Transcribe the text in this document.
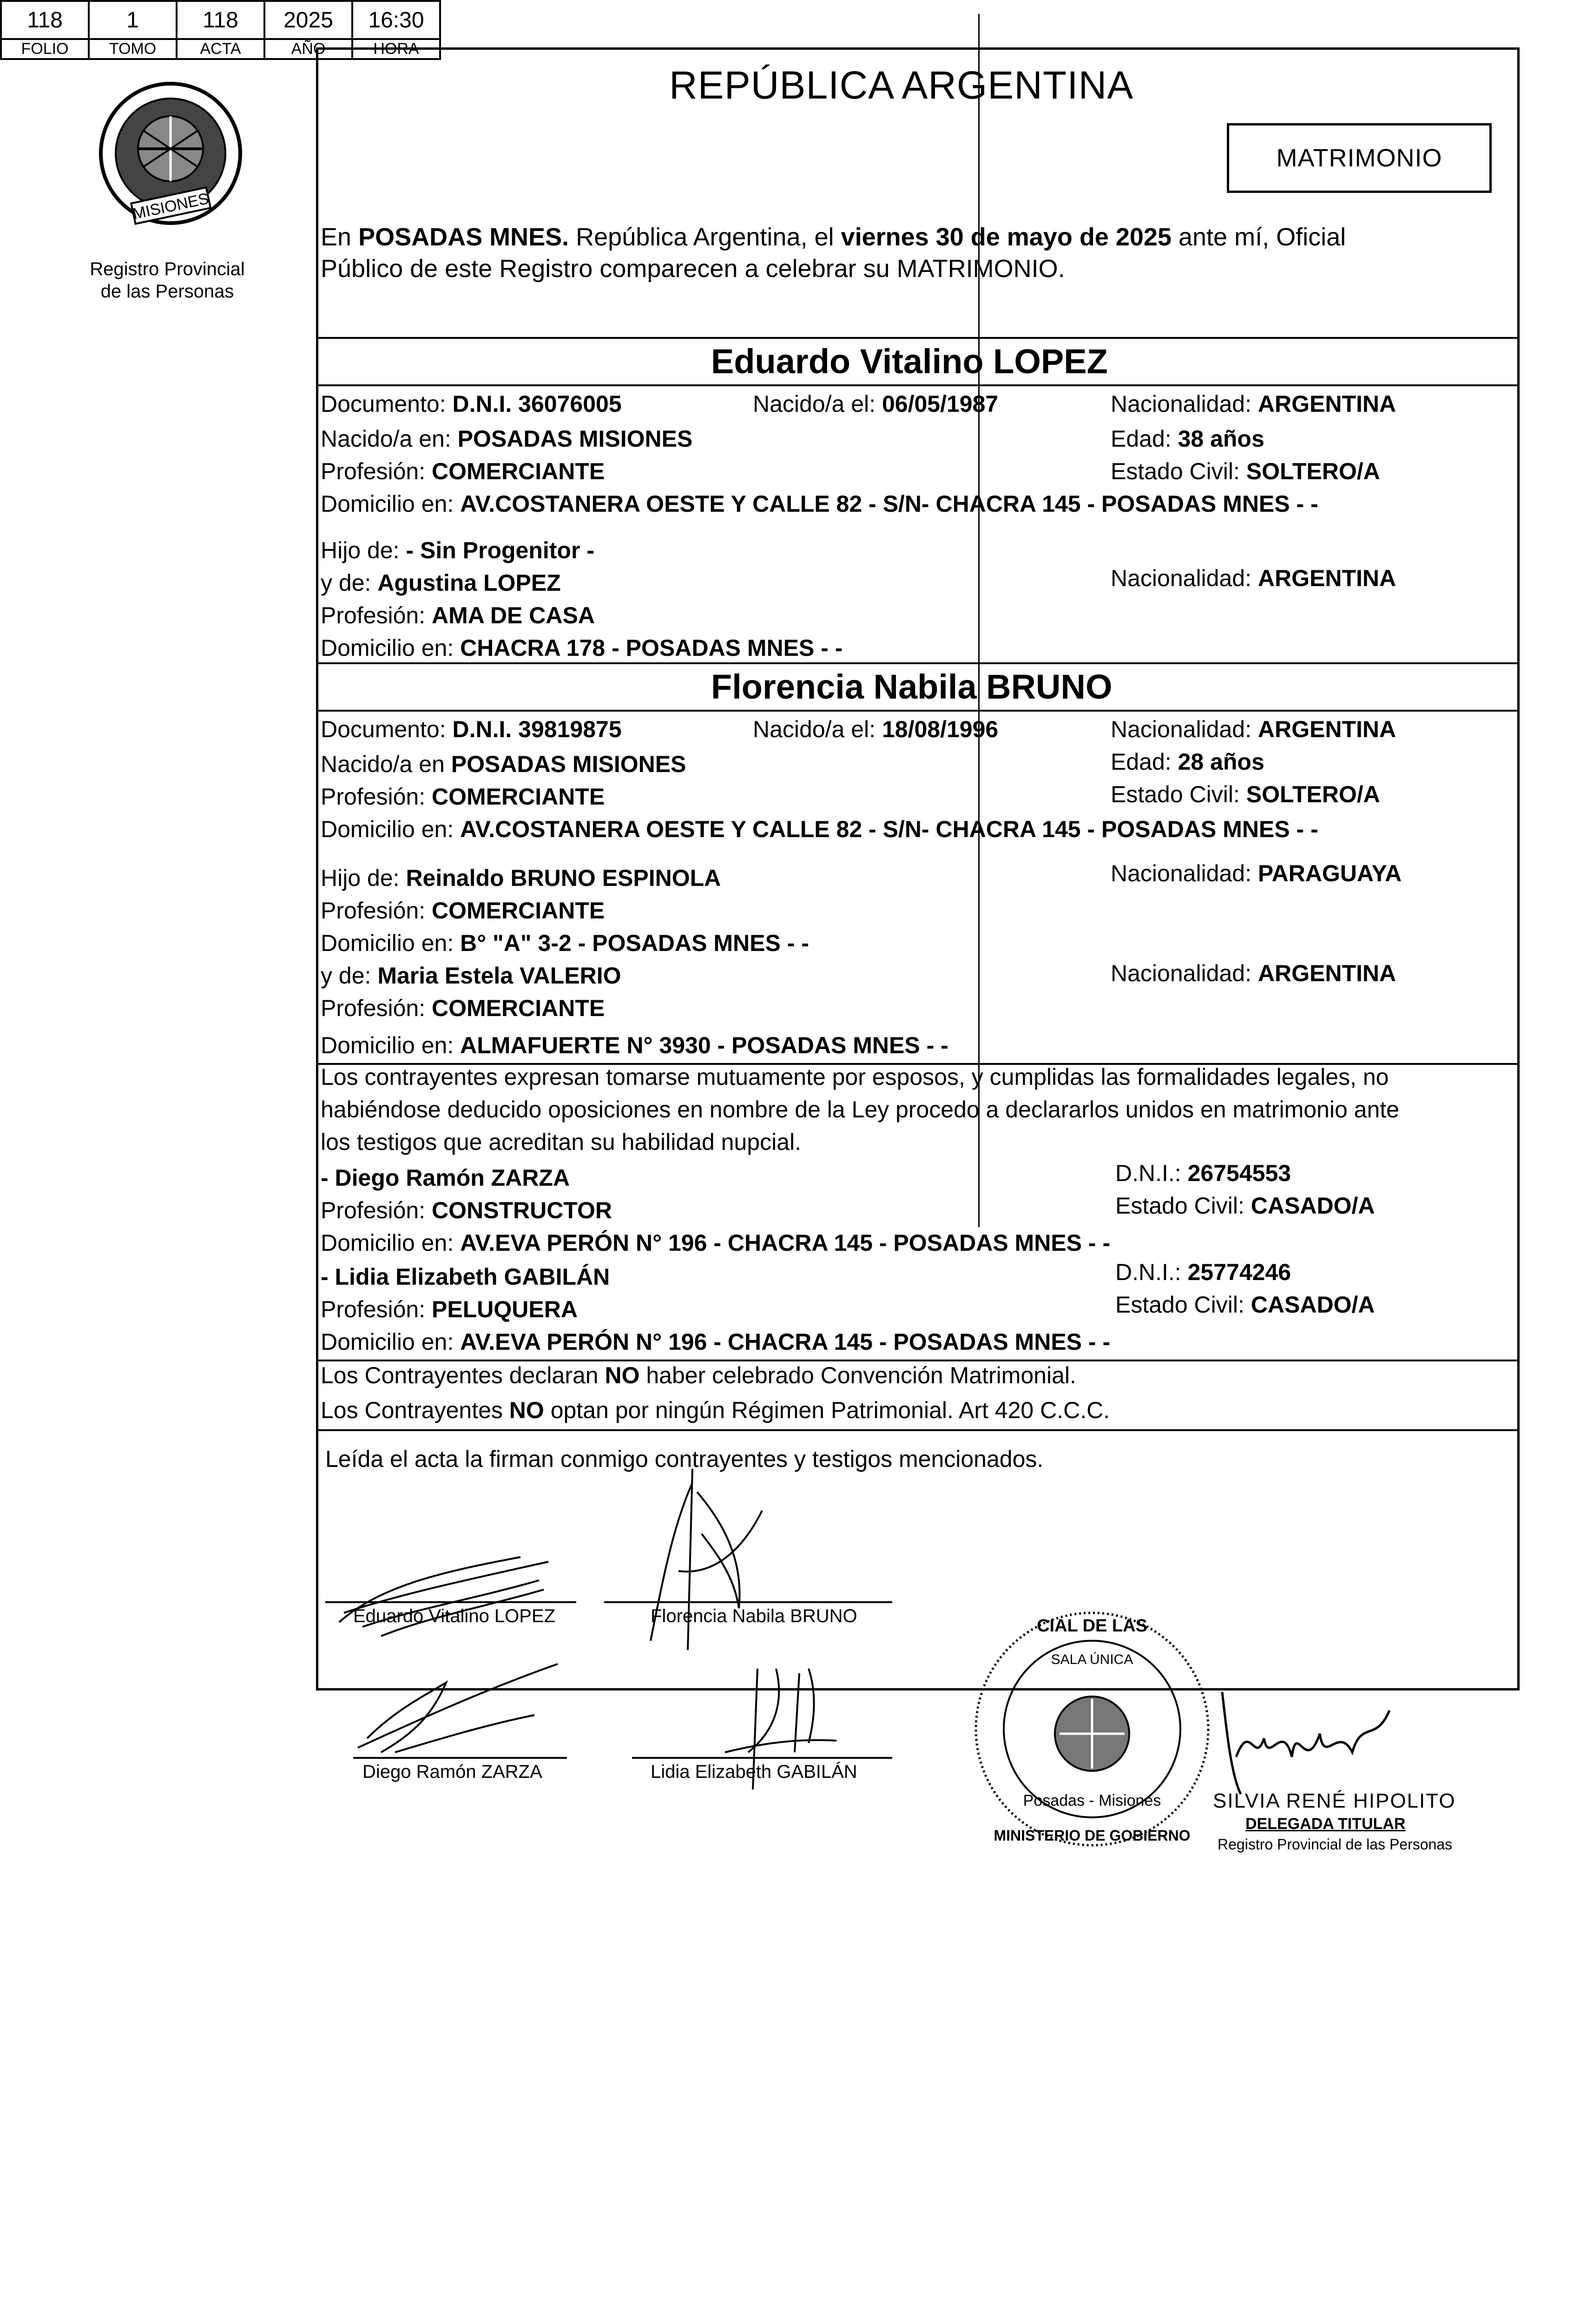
MISIONES
Registro Provincial
de las Personas
REPÚBLICA ARGENTINA
118	1	118	2025	16:30
FOLIO	TOMO	ACTA	AÑO	HORA
MATRIMONIO
En POSADAS MNES. República Argentina, el viernes 30 de mayo de 2025 ante mí, Oficial
Público de este Registro comparecen a celebrar su MATRIMONIO.
Eduardo Vitalino LOPEZ
Documento: D.N.I. 36076005	Nacido/a el: 06/05/1987	Nacionalidad: ARGENTINA
Nacido/a en: POSADAS MISIONES	Edad: 38 años
Profesión: COMERCIANTE	Estado Civil: SOLTERO/A
Domicilio en: AV.COSTANERA OESTE Y CALLE 82 - S/N- CHACRA 145 - POSADAS MNES - -
Hijo de: - Sin Progenitor -
y de: Agustina LOPEZ	Nacionalidad: ARGENTINA
Profesión: AMA DE CASA
Domicilio en: CHACRA 178 - POSADAS MNES - -
Florencia Nabila BRUNO
Documento: D.N.I. 39819875	Nacido/a el: 18/08/1996	Nacionalidad: ARGENTINA
Nacido/a en POSADAS MISIONES	Edad: 28 años
Profesión: COMERCIANTE	Estado Civil: SOLTERO/A
Domicilio en: AV.COSTANERA OESTE Y CALLE 82 - S/N- CHACRA 145 - POSADAS MNES - -
Hijo de: Reinaldo BRUNO ESPINOLA	Nacionalidad: PARAGUAYA
Profesión: COMERCIANTE
Domicilio en: B° "A" 3-2 - POSADAS MNES - -
y de: Maria Estela VALERIO	Nacionalidad: ARGENTINA
Profesión: COMERCIANTE
Domicilio en: ALMAFUERTE N° 3930 - POSADAS MNES - -
Los contrayentes expresan tomarse mutuamente por esposos, y cumplidas las formalidades legales, no
habiéndose deducido oposiciones en nombre de la Ley procedo a declararlos unidos en matrimonio ante
los testigos que acreditan su habilidad nupcial.
- Diego Ramón ZARZA	D.N.I.: 26754553
Profesión: CONSTRUCTOR	Estado Civil: CASADO/A
Domicilio en: AV.EVA PERÓN N° 196 - CHACRA 145 - POSADAS MNES - -
- Lidia Elizabeth GABILÁN	D.N.I.: 25774246
Profesión: PELUQUERA	Estado Civil: CASADO/A
Domicilio en: AV.EVA PERÓN N° 196 - CHACRA 145 - POSADAS MNES - -
Los Contrayentes declaran NO haber celebrado Convención Matrimonial.
Los Contrayentes NO optan por ningún Régimen Patrimonial. Art 420 C.C.C.
Leída el acta la firman conmigo contrayentes y testigos mencionados.
Eduardo Vitalino LOPEZ	Florencia Nabila BRUNO
Diego Ramón ZARZA	Lidia Elizabeth GABILÁN
CIAL DE LAS
SALA ÚNICA
Posadas - Misiones
MINISTERIO DE GOBIERNO
SILVIA RENÉ HIPOLITO
DELEGADA TITULAR
Registro Provincial de las Personas
